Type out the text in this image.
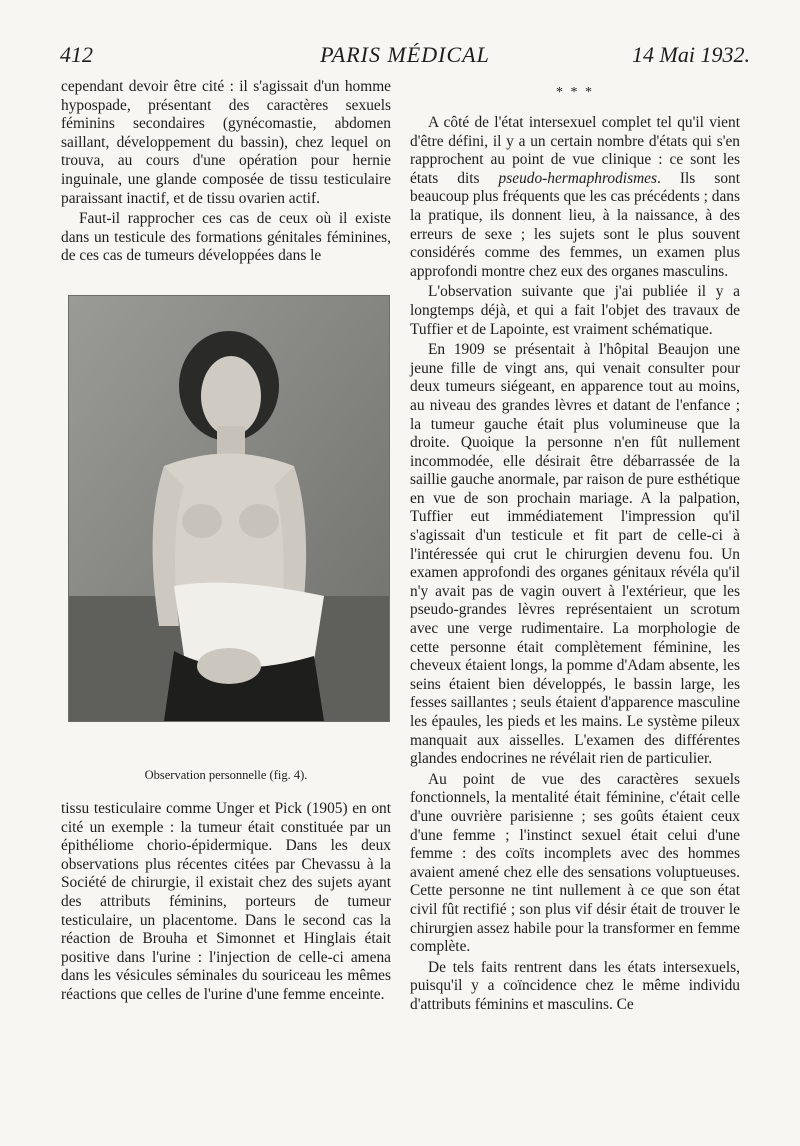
412	PARIS MÉDICAL	14 Mai 1932.

cependant devoir être cité : il s'agissait d'un homme hypospade, présentant des caractères sexuels féminins secondaires (gynécomastie, abdomen saillant, développement du bassin), chez lequel on trouva, au cours d'une opération pour hernie inguinale, une glande composée de tissu testiculaire paraissant inactif, et de tissu ovarien actif.

Faut-il rapprocher ces cas de ceux où il existe dans un testicule des formations génitales féminines, de ces cas de tumeurs développées dans le

Observation personnelle (fig. 4).

tissu testiculaire comme Unger et Pick (1905) en ont cité un exemple : la tumeur était constituée par un épithéliome chorio-épidermique. Dans les deux observations plus récentes citées par Chevassu à la Société de chirurgie, il existait chez des sujets ayant des attributs féminins, porteurs de tumeur testiculaire, un placentome. Dans le second cas la réaction de Brouha et Simonnet et Hinglais était positive dans l'urine : l'injection de celle-ci amena dans les vésicules séminales du souriceau les mêmes réactions que celles de l'urine d'une femme enceinte.

* * *

A côté de l'état intersexuel complet tel qu'il vient d'être défini, il y a un certain nombre d'états qui s'en rapprochent au point de vue clinique : ce sont les états dits pseudo-hermaphrodismes. Ils sont beaucoup plus fréquents que les cas précédents ; dans la pratique, ils donnent lieu, à la naissance, à des erreurs de sexe ; les sujets sont le plus souvent considérés comme des femmes, un examen plus approfondi montre chez eux des organes masculins.

L'observation suivante que j'ai publiée il y a longtemps déjà, et qui a fait l'objet des travaux de Tuffier et de Lapointe, est vraiment schématique.

En 1909 se présentait à l'hôpital Beaujon une jeune fille de vingt ans, qui venait consulter pour deux tumeurs siégeant, en apparence tout au moins, au niveau des grandes lèvres et datant de l'enfance ; la tumeur gauche était plus volumineuse que la droite. Quoique la personne n'en fût nullement incommodée, elle désirait être débarrassée de la saillie gauche anormale, par raison de pure esthétique en vue de son prochain mariage. A la palpation, Tuffier eut immédiatement l'impression qu'il s'agissait d'un testicule et fit part de celle-ci à l'intéressée qui crut le chirurgien devenu fou. Un examen approfondi des organes génitaux révéla qu'il n'y avait pas de vagin ouvert à l'extérieur, que les pseudo-grandes lèvres représentaient un scrotum avec une verge rudimentaire. La morphologie de cette personne était complètement féminine, les cheveux étaient longs, la pomme d'Adam absente, les seins étaient bien développés, le bassin large, les fesses saillantes ; seuls étaient d'apparence masculine les épaules, les pieds et les mains. Le système pileux manquait aux aisselles. L'examen des différentes glandes endocrines ne révélait rien de particulier.

Au point de vue des caractères sexuels fonctionnels, la mentalité était féminine, c'était celle d'une ouvrière parisienne ; ses goûts étaient ceux d'une femme ; l'instinct sexuel était celui d'une femme : des coïts incomplets avec des hommes avaient amené chez elle des sensations voluptueuses. Cette personne ne tint nullement à ce que son état civil fût rectifié ; son plus vif désir était de trouver le chirurgien assez habile pour la transformer en femme complète.

De tels faits rentrent dans les états intersexuels, puisqu'il y a coïncidence chez le même individu d'attributs féminins et masculins. Ce
